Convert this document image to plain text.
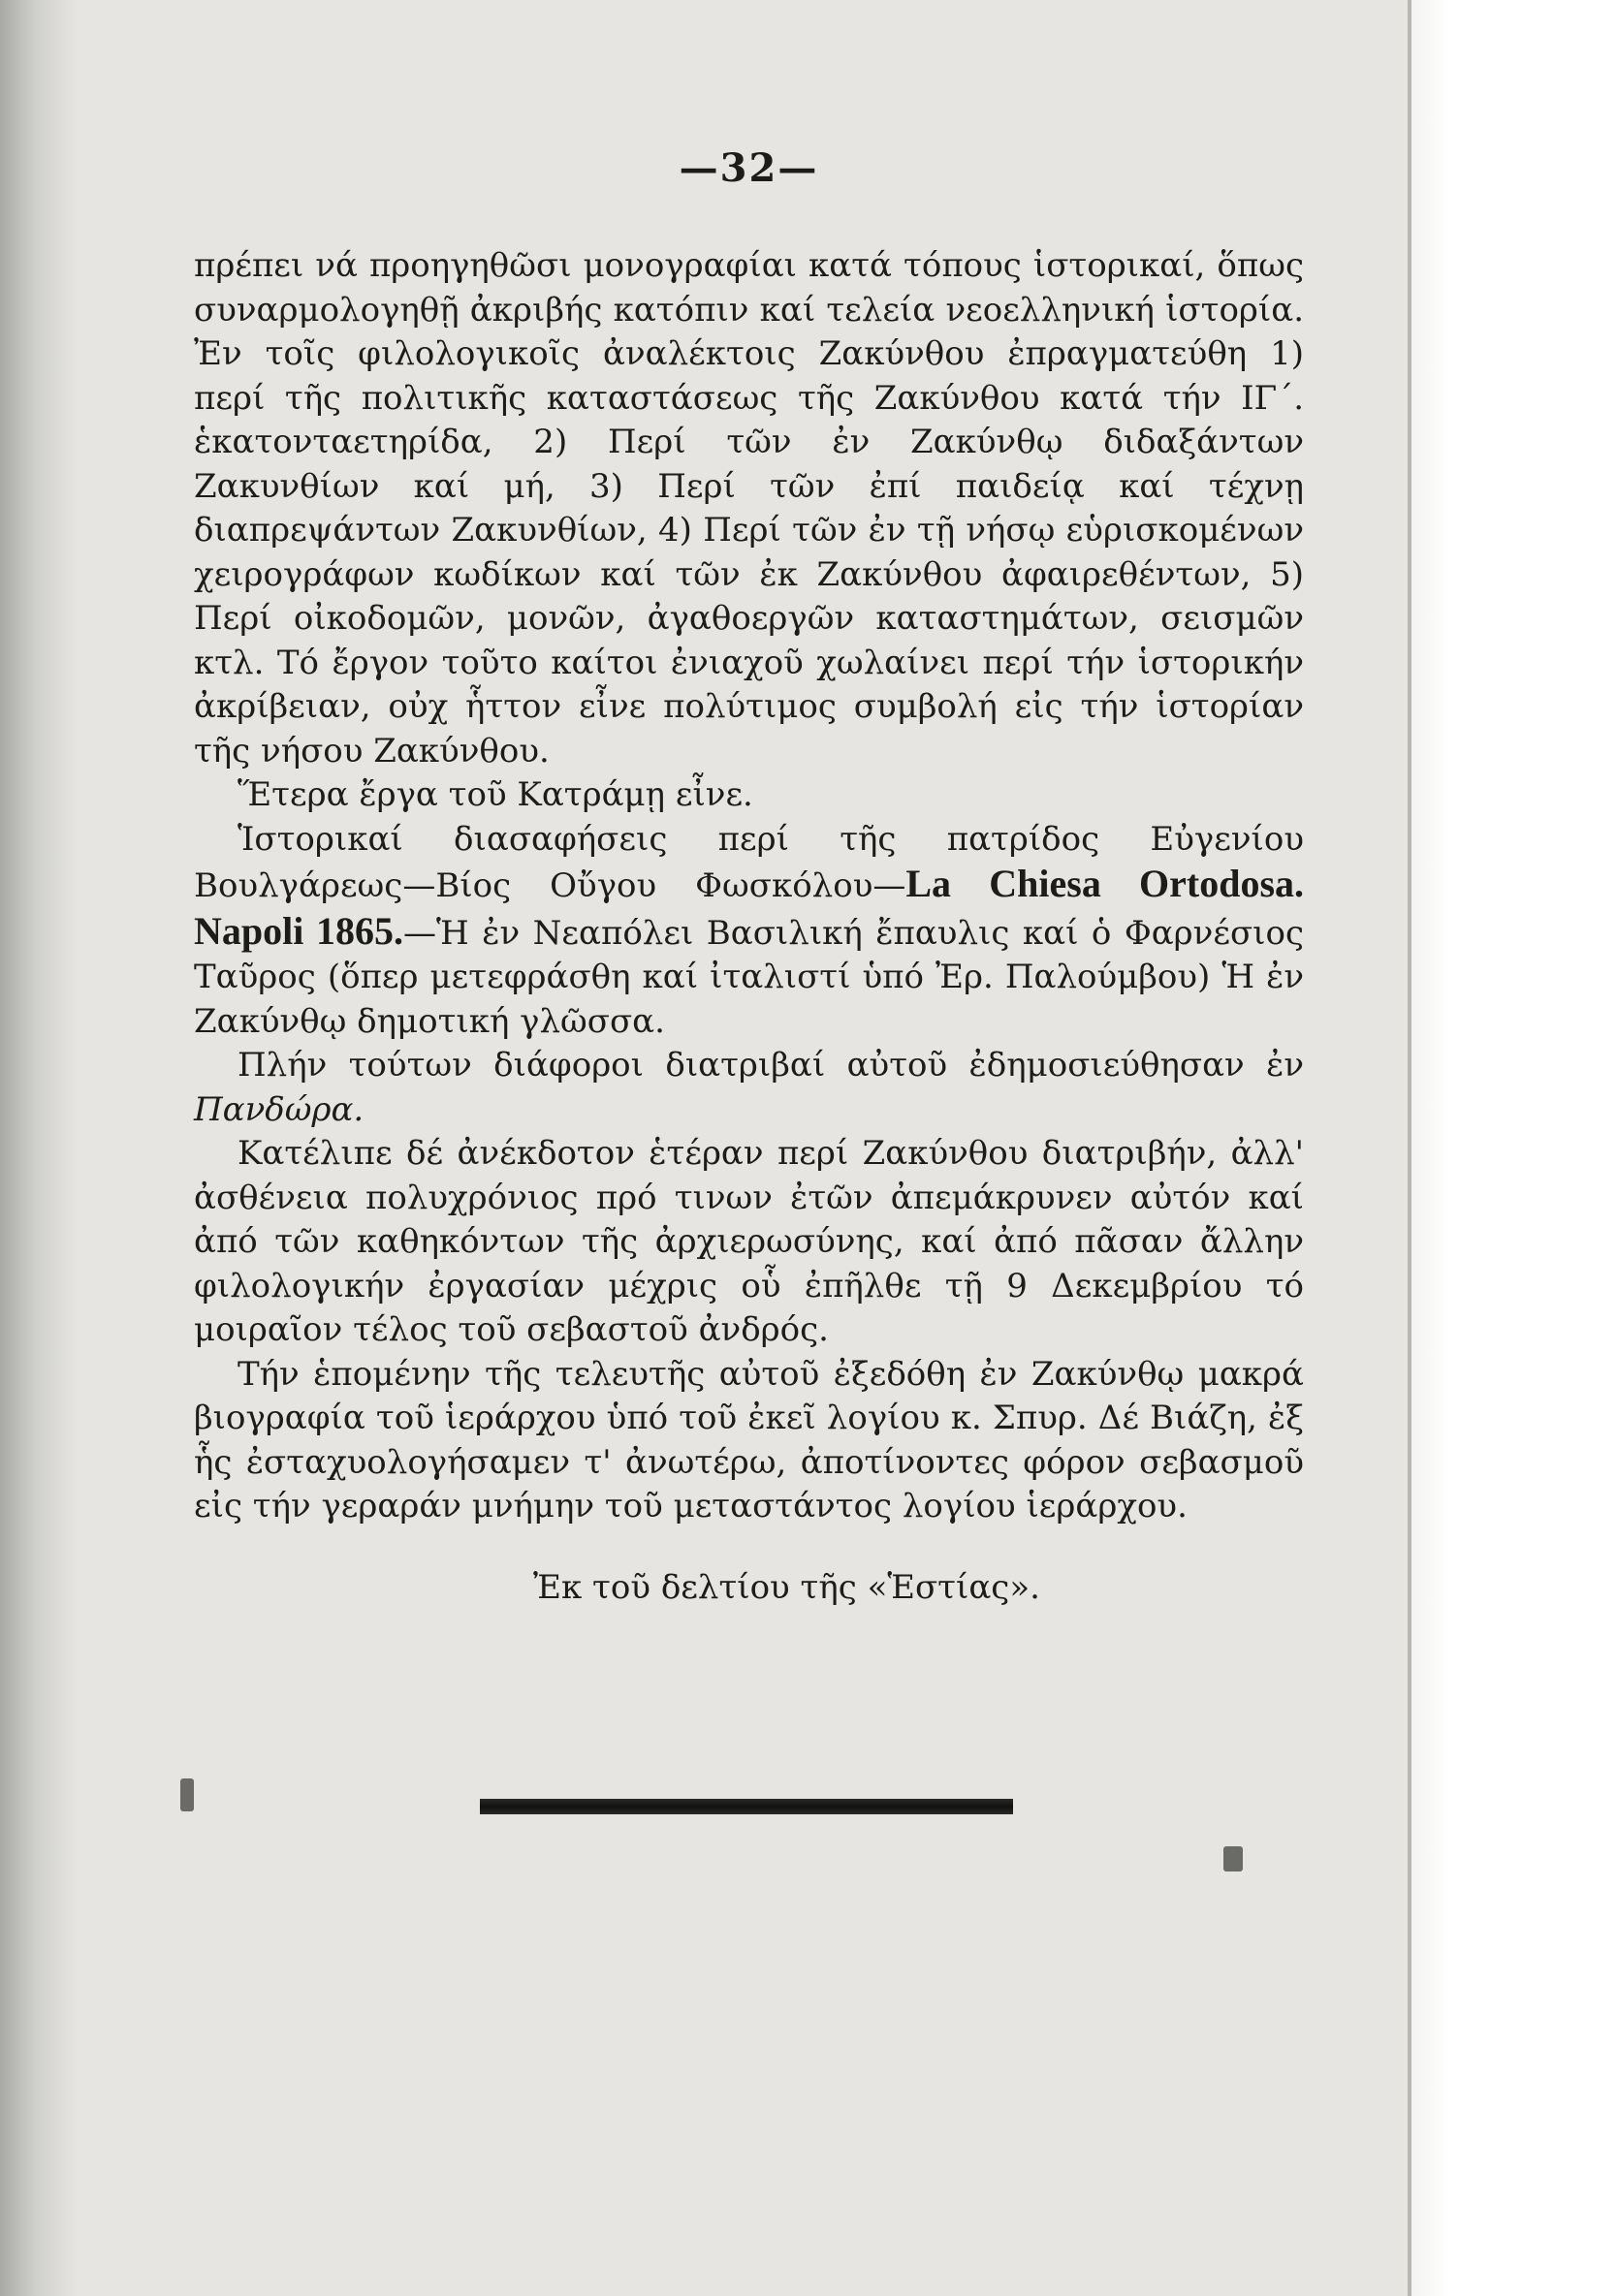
—32—

πρέπει νά προηγηθῶσι μονογραφίαι κατά τόπους ἱστορικαί, ὅπως συναρμολογηθῇ ἀκριβής κατόπιν καί τελεία νεοελληνική ἱστορία. Ἐν τοῖς φιλολογικοῖς ἀναλέκτοις Ζακύνθου ἐπραγματεύθη 1) περί τῆς πολιτικῆς καταστάσεως τῆς Ζακύνθου κατά τήν ΙΓ΄. ἑκατονταετηρίδα, 2) Περί τῶν ἐν Ζακύνθῳ διδαξάντων Ζακυνθίων καί μή, 3) Περί τῶν ἐπί παιδείᾳ καί τέχνῃ διαπρεψάντων Ζακυνθίων, 4) Περί τῶν ἐν τῇ νήσῳ εὑρισκομένων χειρογράφων κωδίκων καί τῶν ἐκ Ζακύνθου ἀφαιρεθέντων, 5) Περί οἰκοδομῶν, μονῶν, ἀγαθοεργῶν καταστημάτων, σεισμῶν κτλ. Τό ἔργον τοῦτο καίτοι ἐνιαχοῦ χωλαίνει περί τήν ἱστορικήν ἀκρίβειαν, οὐχ ἧττον εἶνε πολύτιμος συμβολή εἰς τήν ἱστορίαν τῆς νήσου Ζακύνθου.

Ἕτερα ἔργα τοῦ Κατράμῃ εἶνε.

Ἱστορικαί διασαφήσεις περί τῆς πατρίδος Εὐγενίου Βουλγάρεως—Βίος Οὔγου Φωσκόλου—La Chiesa Ortodosa. Napoli 1865.—Ἡ ἐν Νεαπόλει Βασιλική ἔπαυλις καί ὁ Φαρνέσιος Ταῦρος (ὅπερ μετεφράσθη καί ἰταλιστί ὑπό Ἐρ. Παλούμβου) Ἡ ἐν Ζακύνθῳ δημοτική γλῶσσα.

Πλήν τούτων διάφοροι διατριβαί αὐτοῦ ἐδημοσιεύθησαν ἐν Πανδώρα.

Κατέλιπε δέ ἀνέκδοτον ἑτέραν περί Ζακύνθου διατριβήν, ἀλλ' ἀσθένεια πολυχρόνιος πρό τινων ἐτῶν ἀπεμάκρυνεν αὐτόν καί ἀπό τῶν καθηκόντων τῆς ἀρχιερωσύνης, καί ἀπό πᾶσαν ἄλλην φιλολογικήν ἐργασίαν μέχρις οὗ ἐπῆλθε τῇ 9 Δεκεμβρίου τό μοιραῖον τέλος τοῦ σεβαστοῦ ἀνδρός.

Τήν ἑπομένην τῆς τελευτῆς αὐτοῦ ἐξεδόθη ἐν Ζακύνθῳ μακρά βιογραφία τοῦ ἱεράρχου ὑπό τοῦ ἐκεῖ λογίου κ. Σπυρ. Δέ Βιάζη, ἐξ ἧς ἐσταχυολογήσαμεν τ' ἀνωτέρω, ἀποτίνοντες φόρον σεβασμοῦ εἰς τήν γεραράν μνήμην τοῦ μεταστάντος λογίου ἱεράρχου.

Ἐκ τοῦ δελτίου τῆς «Ἑστίας».
